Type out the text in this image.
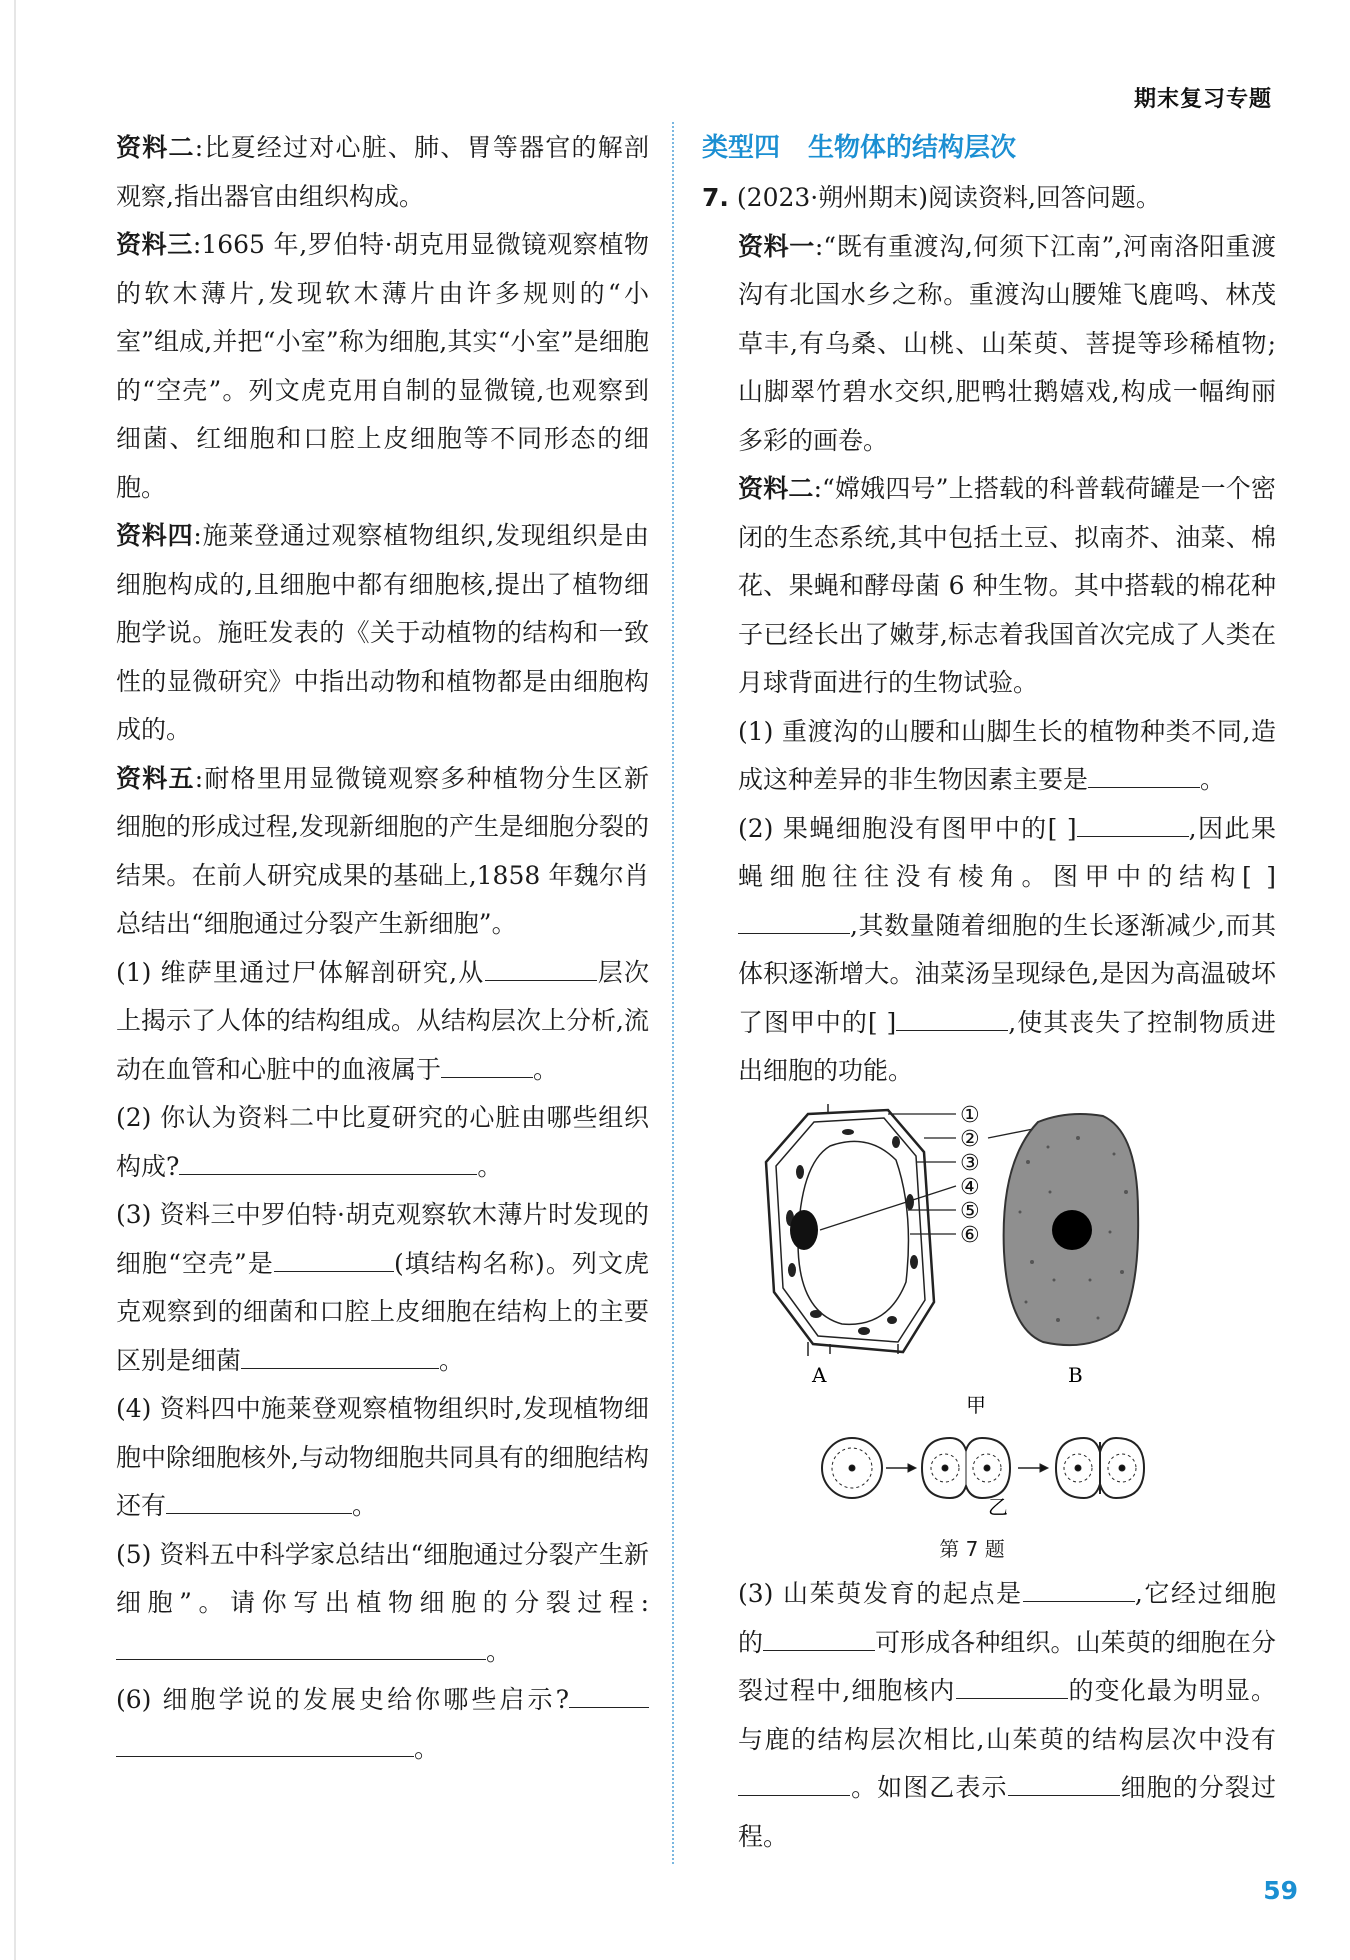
期末复习专题

资料二:比夏经过对心脏、肺、胃等器官的解剖观察,指出器官由组织构成。

资料三:1665 年,罗伯特·胡克用显微镜观察植物的软木薄片,发现软木薄片由许多规则的“小室”组成,并把“小室”称为细胞,其实“小室”是细胞的“空壳”。列文虎克用自制的显微镜,也观察到细菌、红细胞和口腔上皮细胞等不同形态的细胞。

资料四:施莱登通过观察植物组织,发现组织是由细胞构成的,且细胞中都有细胞核,提出了植物细胞学说。施旺发表的《关于动植物的结构和一致性的显微研究》中指出动物和植物都是由细胞构成的。

资料五:耐格里用显微镜观察多种植物分生区新细胞的形成过程,发现新细胞的产生是细胞分裂的结果。在前人研究成果的基础上,1858 年魏尔肖总结出“细胞通过分裂产生新细胞”。

(1) 维萨里通过尸体解剖研究,从	层次上揭示了人体的结构组成。从结构层次上分析,流动在血管和心脏中的血液属于	。

(2) 你认为资料二中比夏研究的心脏由哪些组织构成?	。

(3) 资料三中罗伯特·胡克观察软木薄片时发现的细胞“空壳”是	(填结构名称)。列文虎克观察到的细菌和口腔上皮细胞在结构上的主要区别是细菌	。

(4) 资料四中施莱登观察植物组织时,发现植物细胞中除细胞核外,与动物细胞共同具有的细胞结构还有	。

(5) 资料五中科学家总结出“细胞通过分裂产生新细胞”。请你写出植物细胞的分裂过程:。

(6) 细胞学说的发展史给你哪些启示?。

类型四 生物体的结构层次

7. (2023·朔州期末)阅读资料,回答问题。

资料一:“既有重渡沟,何须下江南”,河南洛阳重渡沟有北国水乡之称。重渡沟山腰雉飞鹿鸣、林茂草丰,有乌桑、山桃、山茱萸、菩提等珍稀植物;山脚翠竹碧水交织,肥鸭壮鹅嬉戏,构成一幅绚丽多彩的画卷。

资料二:“嫦娥四号”上搭载的科普载荷罐是一个密闭的生态系统,其中包括土豆、拟南芥、油菜、棉花、果蝇和酵母菌 6 种生物。其中搭载的棉花种子已经长出了嫩芽,标志着我国首次完成了人类在月球背面进行的生物试验。

(1) 重渡沟的山腰和山脚生长的植物种类不同,造成这种差异的非生物因素主要是	。

(2) 果蝇细胞没有图甲中的[ ]	,因此果蝇细胞往往没有棱角。图甲中的结构[ ],其数量随着细胞的生长逐渐减少,而其体积逐渐增大。油菜汤呈现绿色,是因为高温破坏了图甲中的[ ]	,使其丧失了控制物质进出细胞的功能。

①
②
③
④
⑤
⑥
A	B
甲
乙
第 7 题

(3) 山茱萸发育的起点是	,它经过细胞的	可形成各种组织。山茱萸的细胞在分裂过程中,细胞核内	的变化最为明显。与鹿的结构层次相比,山茱萸的结构层次中没有。如图乙表示	细胞的分裂过程。

59
